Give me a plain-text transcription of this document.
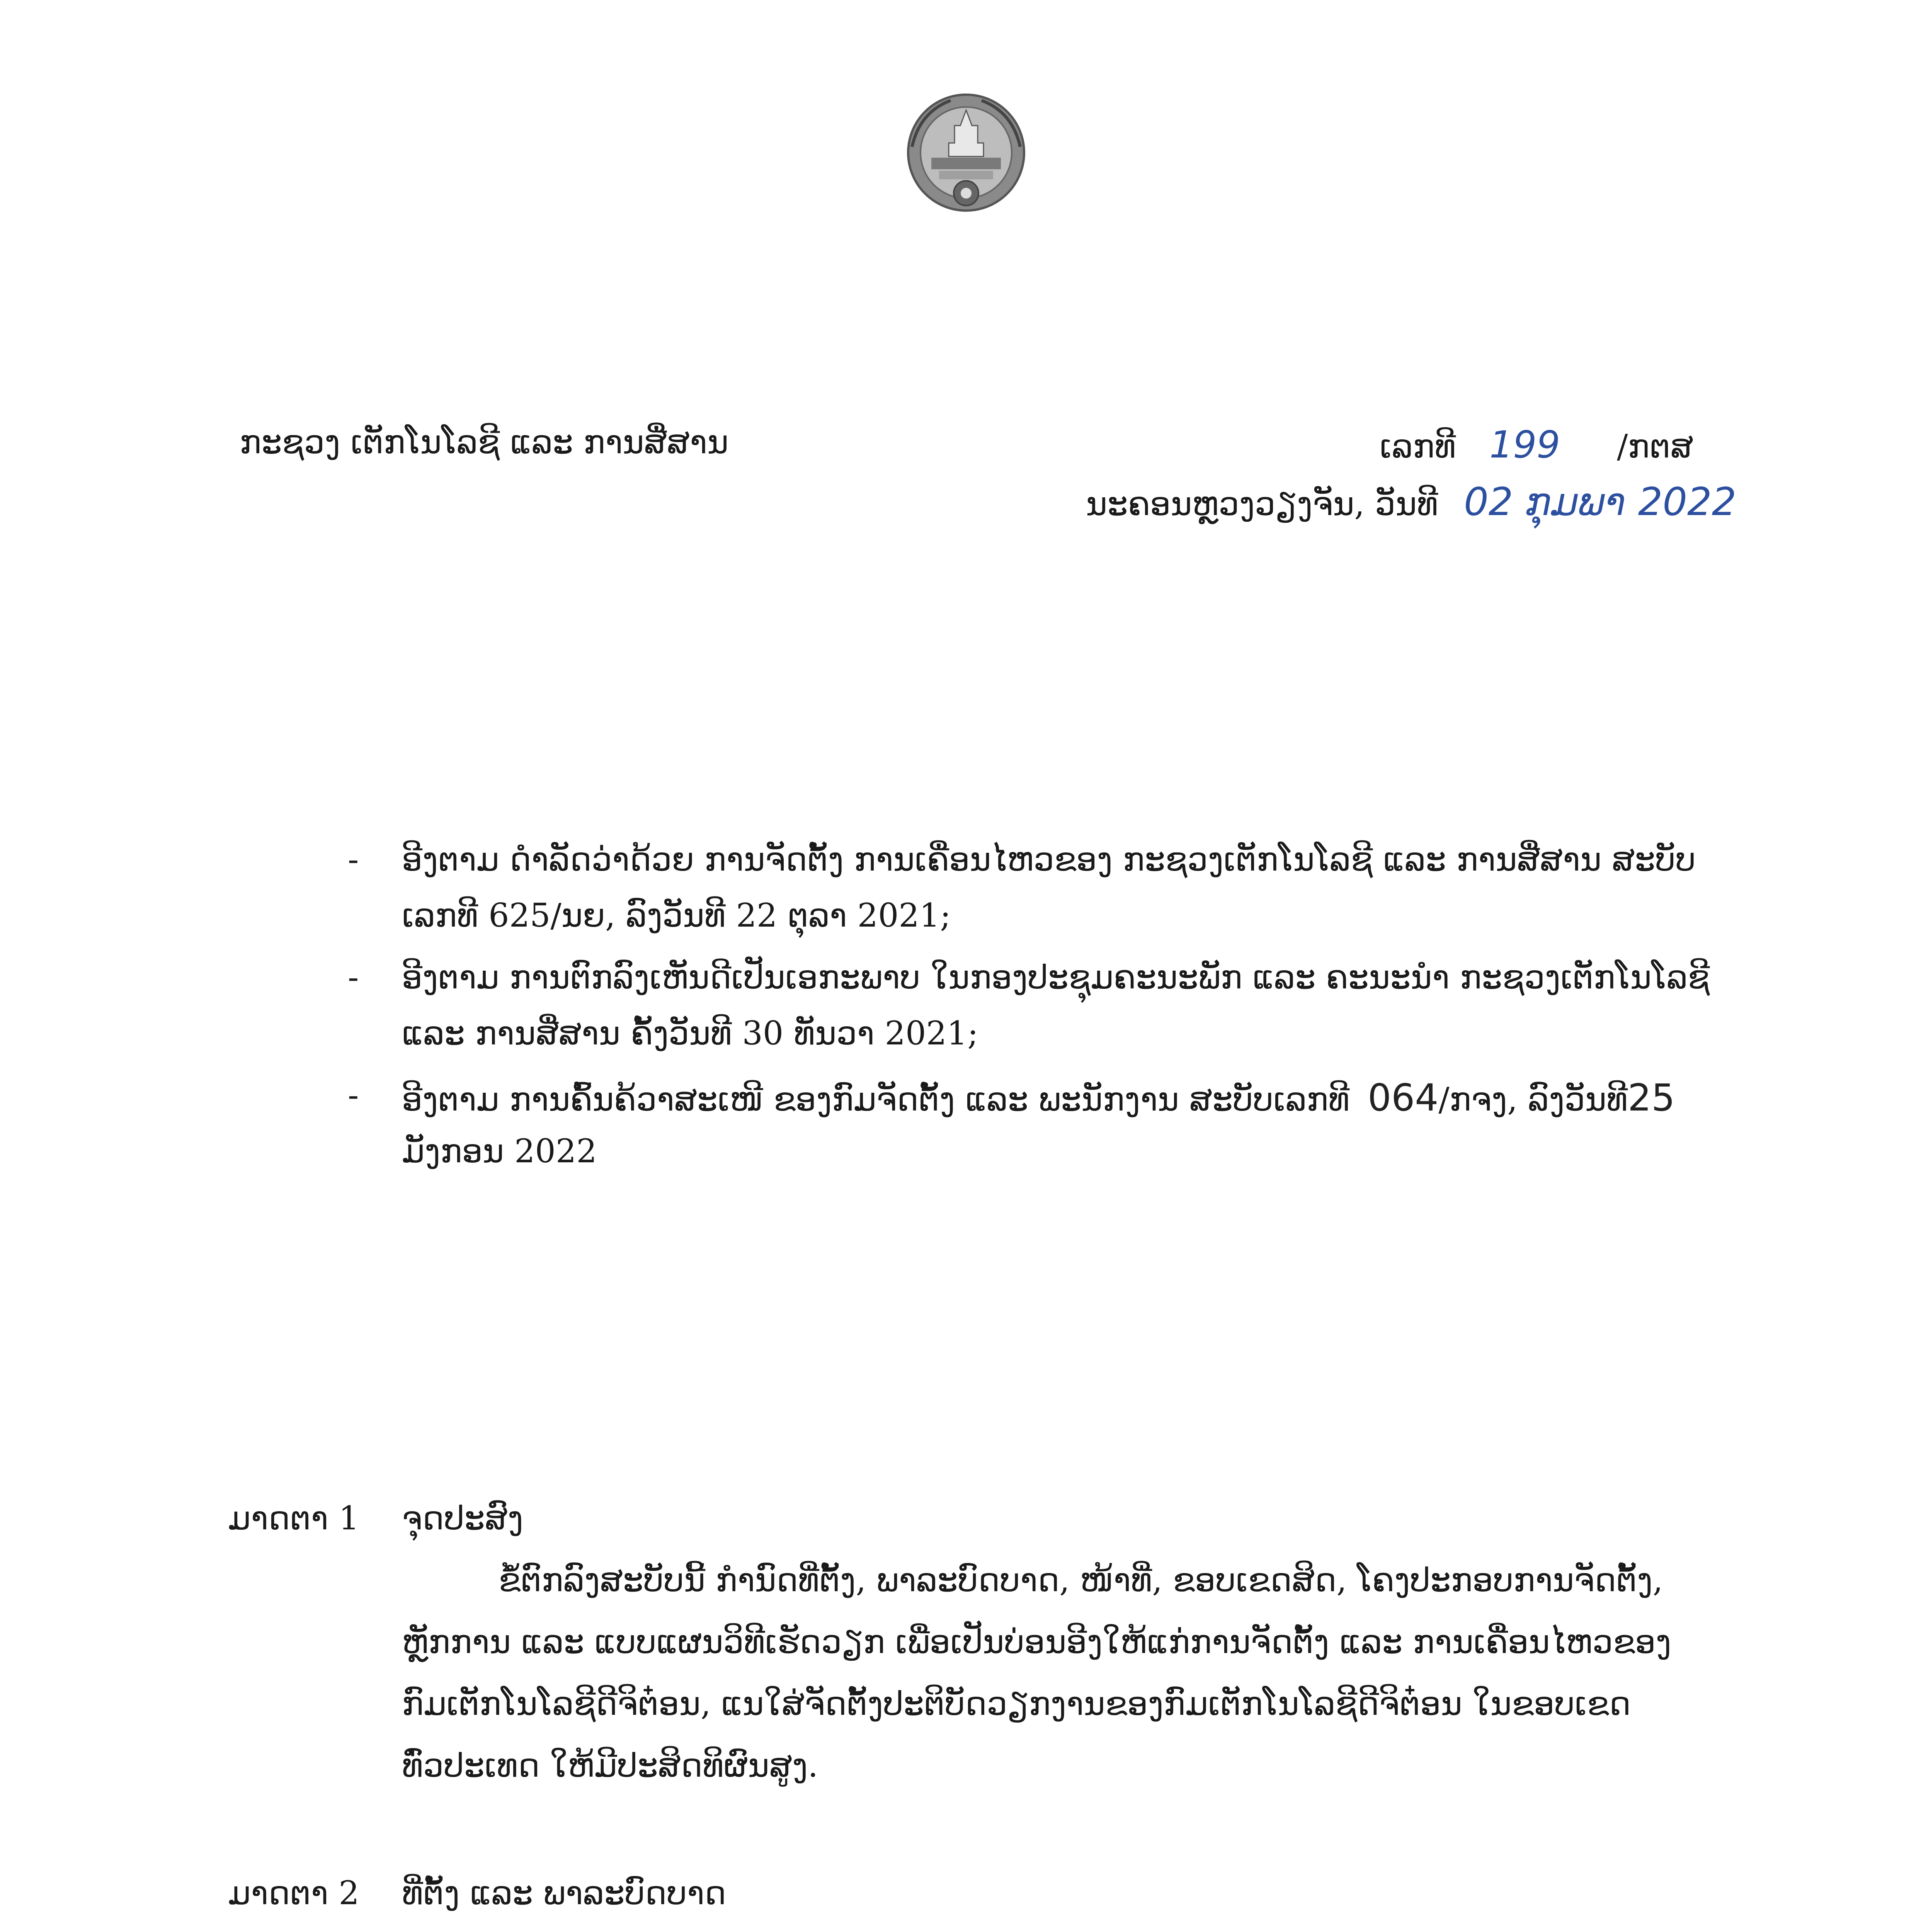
ກະຊວງ ເຕັກໂນໂລຊີ ແລະ ການສື່ສານ	ເລກທີ 199 /ກຕສ
ນະຄອນຫຼວງວຽງຈັນ, ວັນທີ 02 ກຸມພາ 2022
- ອີງຕາມ ດຳລັດວ່າດ້ວຍ ການຈັດຕັ້ງ ການເຄື່ອນໄຫວຂອງ ກະຊວງເຕັກໂນໂລຊີ ແລະ ການສື່ສານ ສະບັບ
ເລກທີ 625/ນຍ, ລົງວັນທີ 22 ຕຸລາ 2021;
- ອີງຕາມ ການຕົກລົງເຫັນດີເປັນເອກະພາບ ໃນກອງປະຊຸມຄະນະພັກ ແລະ ຄະນະນຳ ກະຊວງເຕັກໂນໂລຊີ
ແລະ ການສື່ສານ ຄັ້ງວັນທີ 30 ທັນວາ 2021;
- ອີງຕາມ ການຄົ້ນຄ້ວາສະເໜີ ຂອງກົມຈັດຕັ້ງ ແລະ ພະນັກງານ ສະບັບເລກທີ 064/ກຈງ, ລົງວັນທີ25
ມັງກອນ 2022
ມາດຕາ 1 ຈຸດປະສົງ
ຂໍ້ຕົກລົງສະບັບນີ້ ກຳນົດທີ່ຕັ້ງ, ພາລະບົດບາດ, ໜ້າທີ່, ຂອບເຂດສິດ, ໂຄງປະກອບການຈັດຕັ້ງ,
ຫຼັກການ ແລະ ແບບແຜນວິທີເຮັດວຽກ ເພື່ອເປັນບ່ອນອີງໃຫ້ແກ່ການຈັດຕັ້ງ ແລະ ການເຄື່ອນໄຫວຂອງ
ກົມເຕັກໂນໂລຊີດີຈິຕ໋ອນ, ແນໃສ່ຈັດຕັ້ງປະຕິບັດວຽກງານຂອງກົມເຕັກໂນໂລຊີດີຈິຕ໋ອນ ໃນຂອບເຂດ
ທົ່ວປະເທດ ໃຫ້ມີປະສິດທິຜົນສູງ.
ມາດຕາ 2 ທີ່ຕັ້ງ ແລະ ພາລະບົດບາດ
